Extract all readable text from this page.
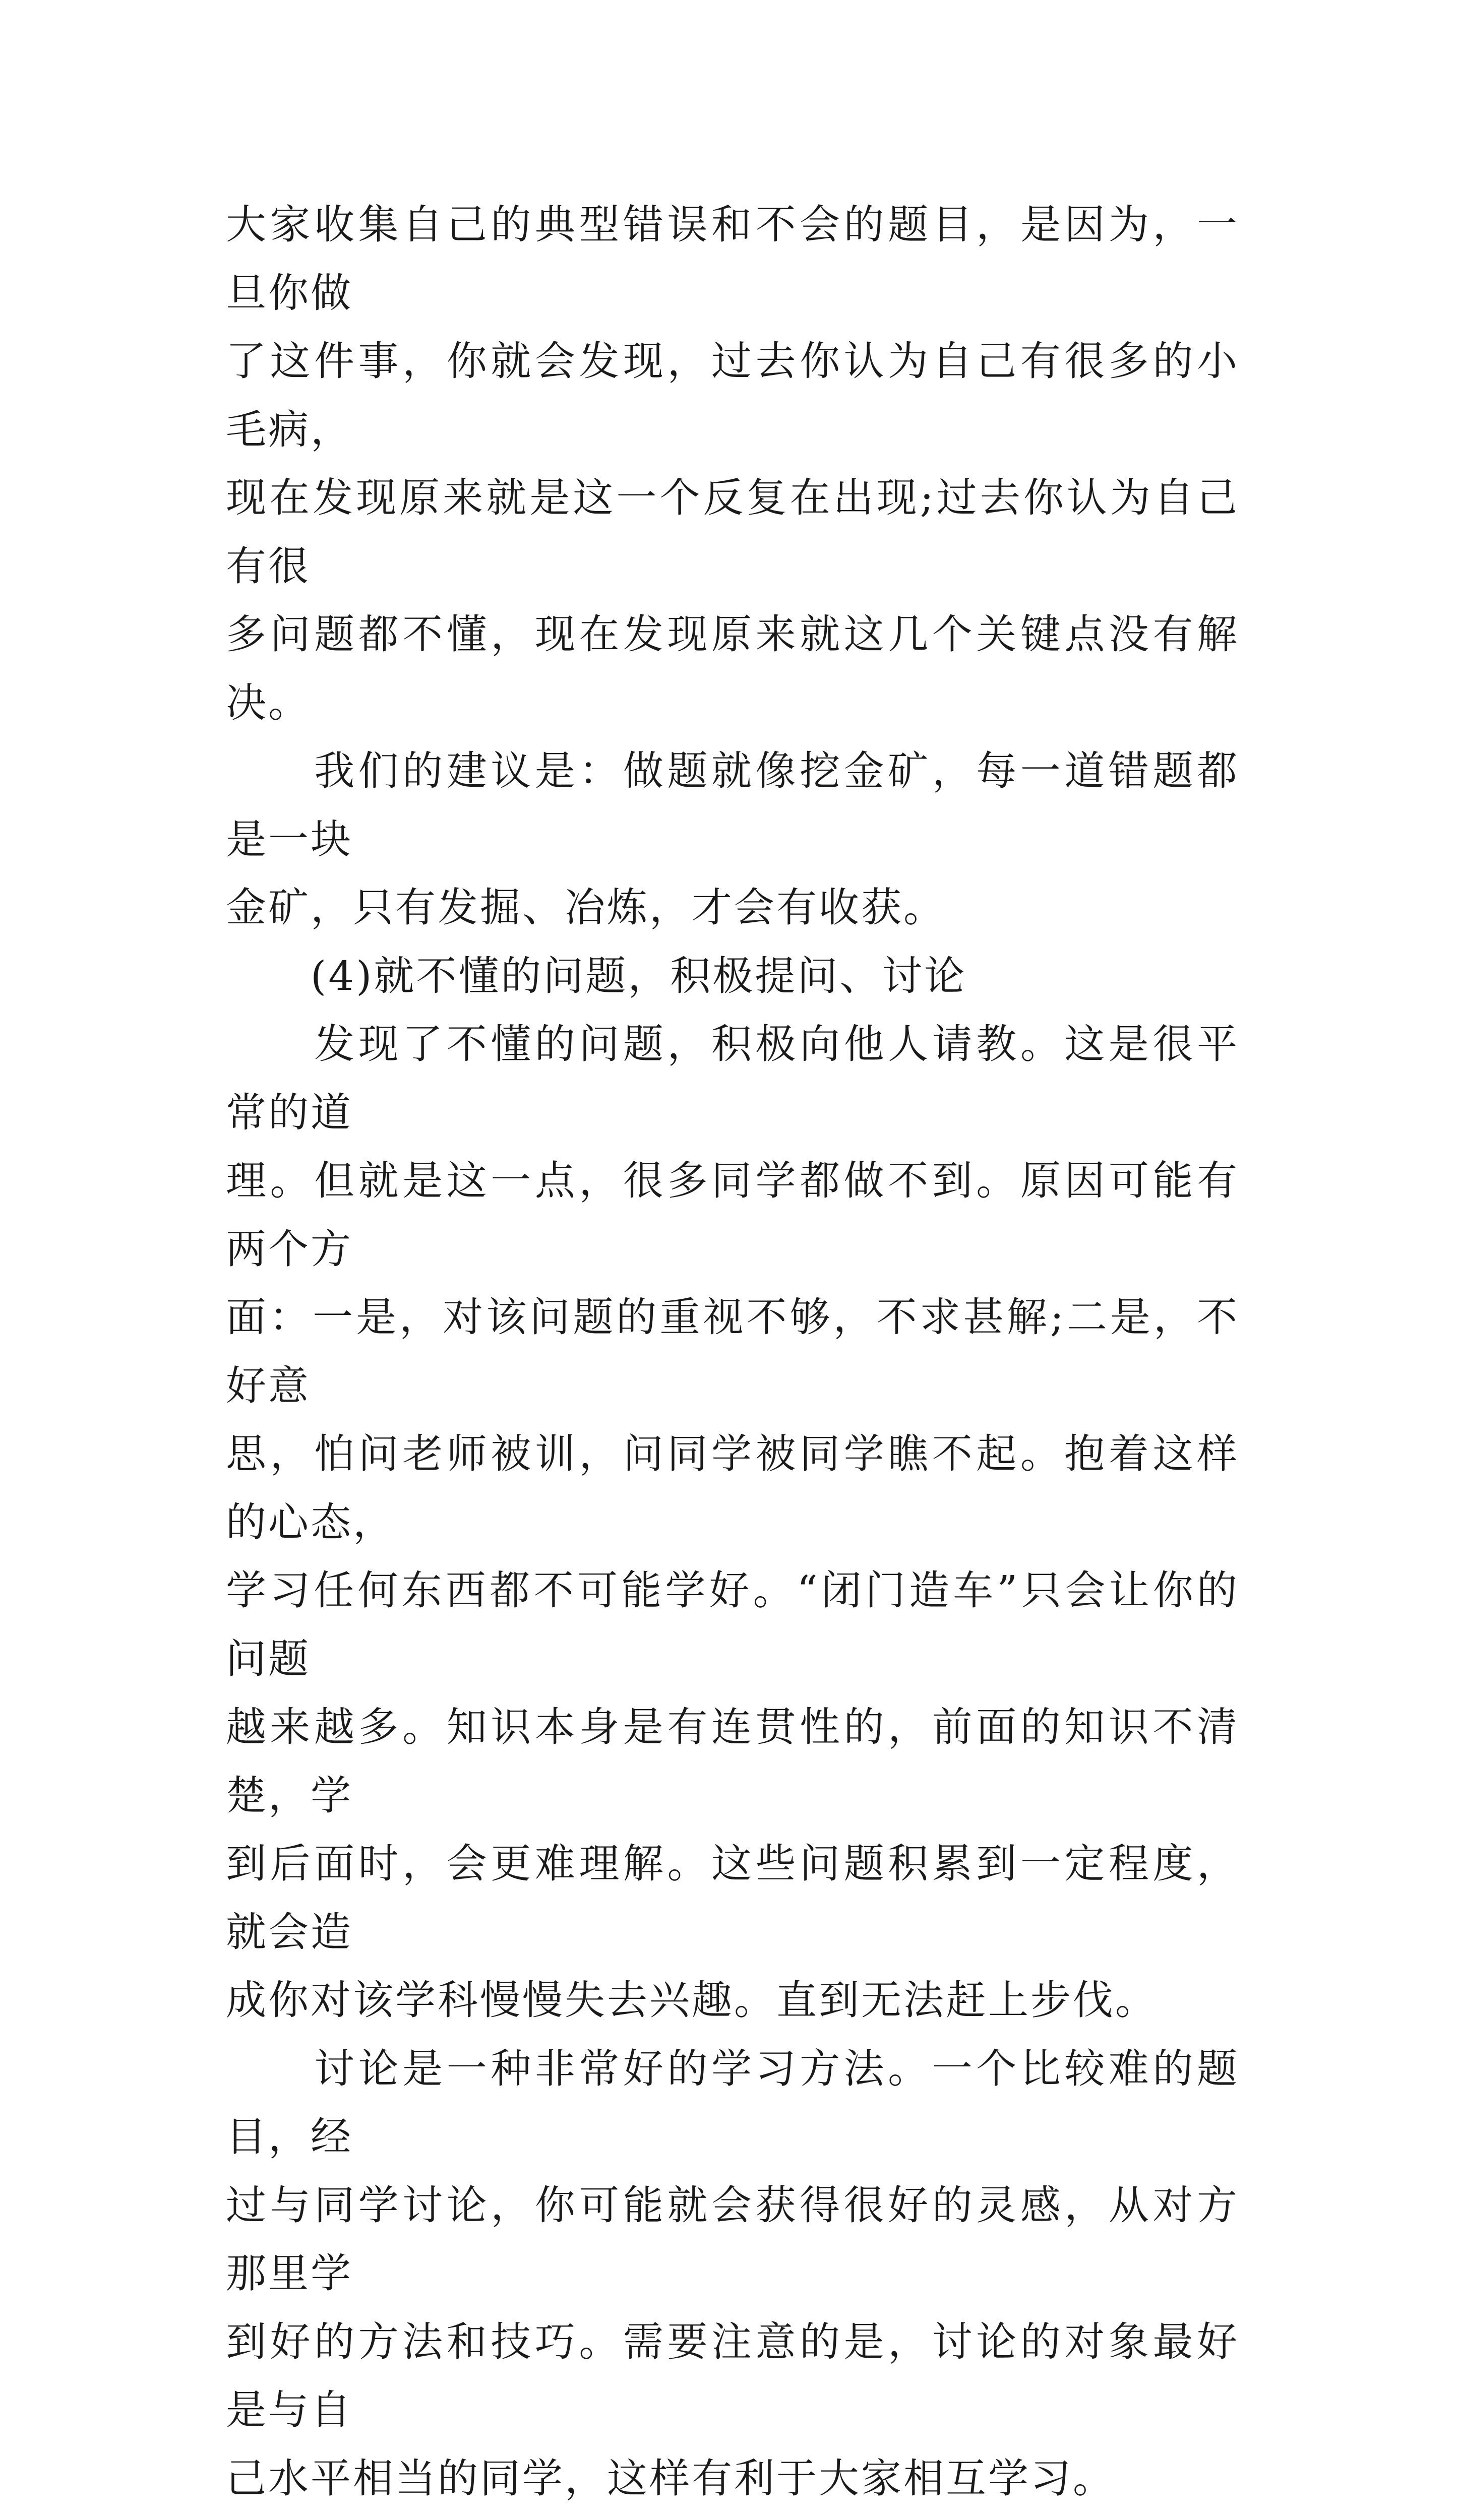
大家收集自己的典型错误和不会的题目，是因为，一旦你做

了这件事，你就会发现，过去你认为自己有很多的小毛病，

现在发现原来就是这一个反复在出现;过去你认为自己有很

多问题都不懂，现在发现原来就这几个关键点没有解决。

　　我们的建议是：做题就像挖金矿，每一道错题都是一块

金矿，只有发掘、冶炼，才会有收获。

　　(4)就不懂的问题，积极提问、讨论

　　发现了不懂的问题，积极向他人请教。这是很平常的道

理。但就是这一点，很多同学都做不到。原因可能有两个方

面：一是，对该问题的重视不够，不求甚解;二是，不好意

思，怕问老师被训，问同学被同学瞧不起。抱着这样的心态，

学习任何东西都不可能学好。“闭门造车”只会让你的问题

越来越多。知识本身是有连贯性的，前面的知识不清楚，学

到后面时，会更难理解。这些问题积累到一定程度，就会造

成你对该学科慢慢失去兴趣。直到无法赶上步伐。

　　讨论是一种非常好的学习方法。一个比较难的题目，经

过与同学讨论，你可能就会获得很好的灵感，从对方那里学

到好的方法和技巧。需要注意的是，讨论的对象最好是与自

己水平相当的同学，这样有利于大家相互学习。
